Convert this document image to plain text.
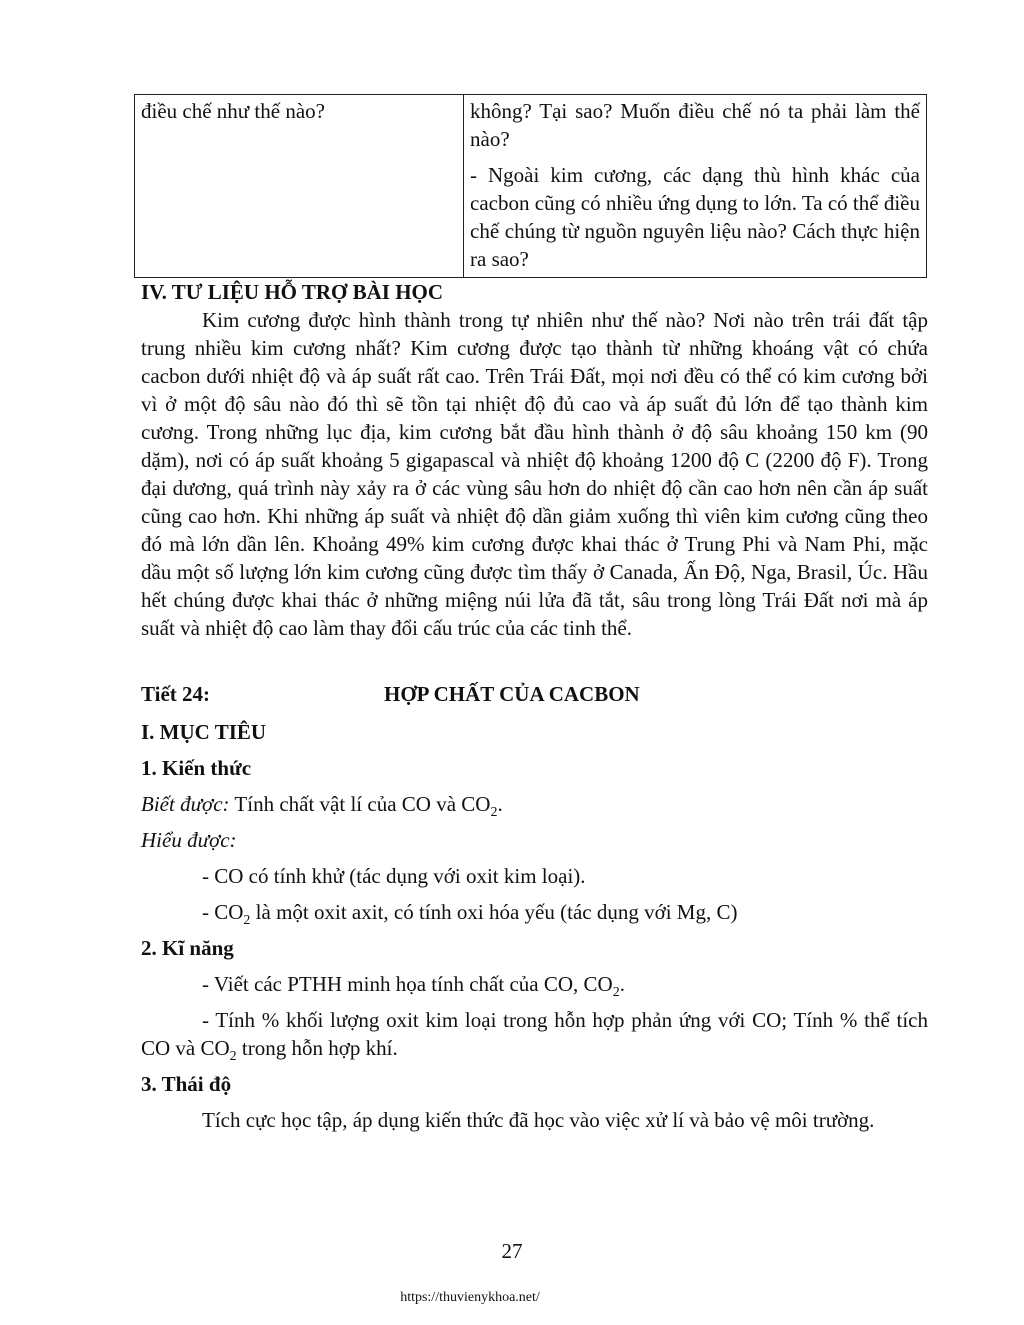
điều chế như thế nào?	không? Tại sao? Muốn điều chế nó ta phải làm thế nào?

- Ngoài kim cương, các dạng thù hình khác của cacbon cũng có nhiều ứng dụng to lớn. Ta có thể điều chế chúng từ nguồn nguyên liệu nào? Cách thực hiện ra sao?

IV. TƯ LIỆU HỖ TRỢ BÀI HỌC

Kim cương được hình thành trong tự nhiên như thế nào? Nơi nào trên trái đất tập trung nhiều kim cương nhất? Kim cương được tạo thành từ những khoáng vật có chứa cacbon dưới nhiệt độ và áp suất rất cao. Trên Trái Đất, mọi nơi đều có thể có kim cương bởi vì ở một độ sâu nào đó thì sẽ tồn tại nhiệt độ đủ cao và áp suất đủ lớn để tạo thành kim cương. Trong những lục địa, kim cương bắt đầu hình thành ở độ sâu khoảng 150 km (90 dặm), nơi có áp suất khoảng 5 gigapascal và nhiệt độ khoảng 1200 độ C (2200 độ F). Trong đại dương, quá trình này xảy ra ở các vùng sâu hơn do nhiệt độ cần cao hơn nên cần áp suất cũng cao hơn. Khi những áp suất và nhiệt độ dần giảm xuống thì viên kim cương cũng theo đó mà lớn dần lên. Khoảng 49% kim cương được khai thác ở Trung Phi và Nam Phi, mặc dầu một số lượng lớn kim cương cũng được tìm thấy ở Canada, Ấn Độ, Nga, Brasil, Úc. Hầu hết chúng được khai thác ở những miệng núi lửa đã tắt, sâu trong lòng Trái Đất nơi mà áp suất và nhiệt độ cao làm thay đổi cấu trúc của các tinh thể.

Tiết 24:	HỢP CHẤT CỦA CACBON

I. MỤC TIÊU

1. Kiến thức

Biết được: Tính chất vật lí của CO và $CO_2$.

Hiểu được:

- CO có tính khử (tác dụng với oxit kim loại).

- $CO_2$ là một oxit axit, có tính oxi hóa yếu (tác dụng với Mg, C)

2. Kĩ năng

- Viết các PTHH minh họa tính chất của CO, $CO_2$.

- Tính % khối lượng oxit kim loại trong hỗn hợp phản ứng với CO; Tính % thể tích CO và $CO_2$ trong hỗn hợp khí.

3. Thái độ

Tích cực học tập, áp dụng kiến thức đã học vào việc xử lí và bảo vệ môi trường.

27
https://thuvienykhoa.net/
